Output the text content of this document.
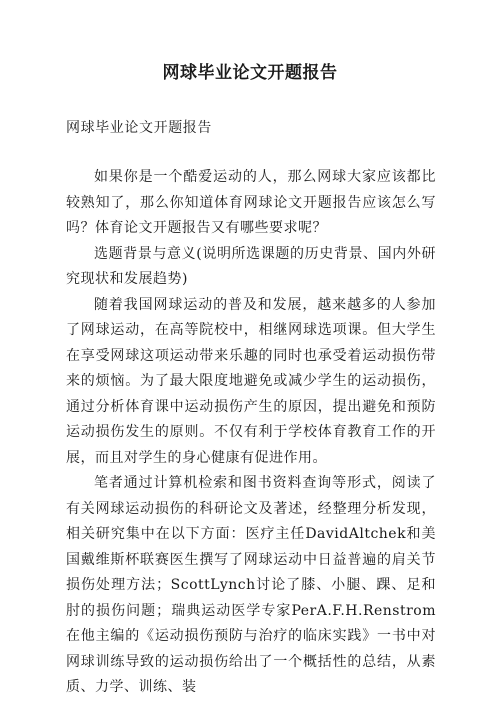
网球毕业论文开题报告
网球毕业论文开题报告

如果你是一个酷爱运动的人，那么网球大家应该都比较熟知了，那么你知道体育网球论文开题报告应该怎么写吗？体育论文开题报告又有哪些要求呢？

选题背景与意义(说明所选课题的历史背景、国内外研究现状和发展趋势)

随着我国网球运动的普及和发展，越来越多的人参加了网球运动，在高等院校中，相继网球选项课。但大学生在享受网球这项运动带来乐趣的同时也承受着运动损伤带来的烦恼。为了最大限度地避免或减少学生的运动损伤，通过分析体育课中运动损伤产生的原因，提出避免和预防运动损伤发生的原则。不仅有利于学校体育教育工作的开展，而且对学生的身心健康有促进作用。

笔者通过计算机检索和图书资料查询等形式，阅读了有关网球运动损伤的科研论文及著述，经整理分析发现，相关研究集中在以下方面：医疗主任DavidAltchek和美国戴维斯杯联赛医生撰写了网球运动中日益普遍的肩关节损伤处理方法；ScottLynch讨论了膝、小腿、踝、足和肘的损伤问题；瑞典运动医学专家PerA.F.H.Renstrom在他主编的《运动损伤预防与治疗的临床实践》一书中对网球训练导致的运动损伤给出了一个概括性的总结，从素质、力学、训练、装
